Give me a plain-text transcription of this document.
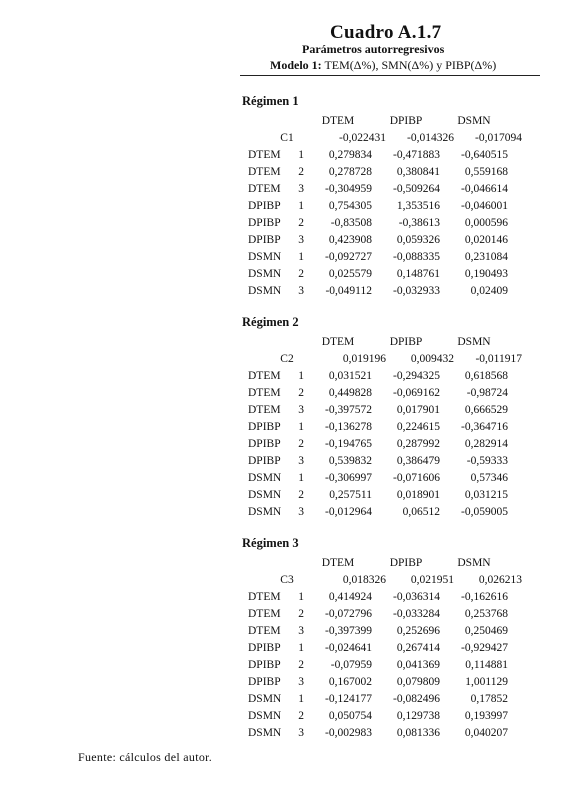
Cuadro A.1.7
Parámetros autorregresivos
Modelo 1: TEM(Δ%), SMN(Δ%) y PIBP(Δ%)
Régimen 1
DTEM	DPIBP	DSMN
C1	-0,022431	-0,014326	-0,017094
DTEM 1	0,279834	-0,471883	-0,640515
DTEM 2	0,278728	0,380841	0,559168
DTEM 3	-0,304959	-0,509264	-0,046614
DPIBP 1	0,754305	1,353516	-0,046001
DPIBP 2	-0,83508	-0,38613	0,000596
DPIBP 3	0,423908	0,059326	0,020146
DSMN 1	-0,092727	-0,088335	0,231084
DSMN 2	0,025579	0,148761	0,190493
DSMN 3	-0,049112	-0,032933	0,02409
Régimen 2
DTEM	DPIBP	DSMN
C2	0,019196	0,009432	-0,011917
DTEM 1	0,031521	-0,294325	0,618568
DTEM 2	0,449828	-0,069162	-0,98724
DTEM 3	-0,397572	0,017901	0,666529
DPIBP 1	-0,136278	0,224615	-0,364716
DPIBP 2	-0,194765	0,287992	0,282914
DPIBP 3	0,539832	0,386479	-0,59333
DSMN 1	-0,306997	-0,071606	0,57346
DSMN 2	0,257511	0,018901	0,031215
DSMN 3	-0,012964	0,06512	-0,059005
Régimen 3
DTEM	DPIBP	DSMN
C3	0,018326	0,021951	0,026213
DTEM 1	0,414924	-0,036314	-0,162616
DTEM 2	-0,072796	-0,033284	0,253768
DTEM 3	-0,397399	0,252696	0,250469
DPIBP 1	-0,024641	0,267414	-0,929427
DPIBP 2	-0,07959	0,041369	0,114881
DPIBP 3	0,167002	0,079809	1,001129
DSMN 1	-0,124177	-0,082496	0,17852
DSMN 2	0,050754	0,129738	0,193997
DSMN 3	-0,002983	0,081336	0,040207
Fuente: cálculos del autor.
